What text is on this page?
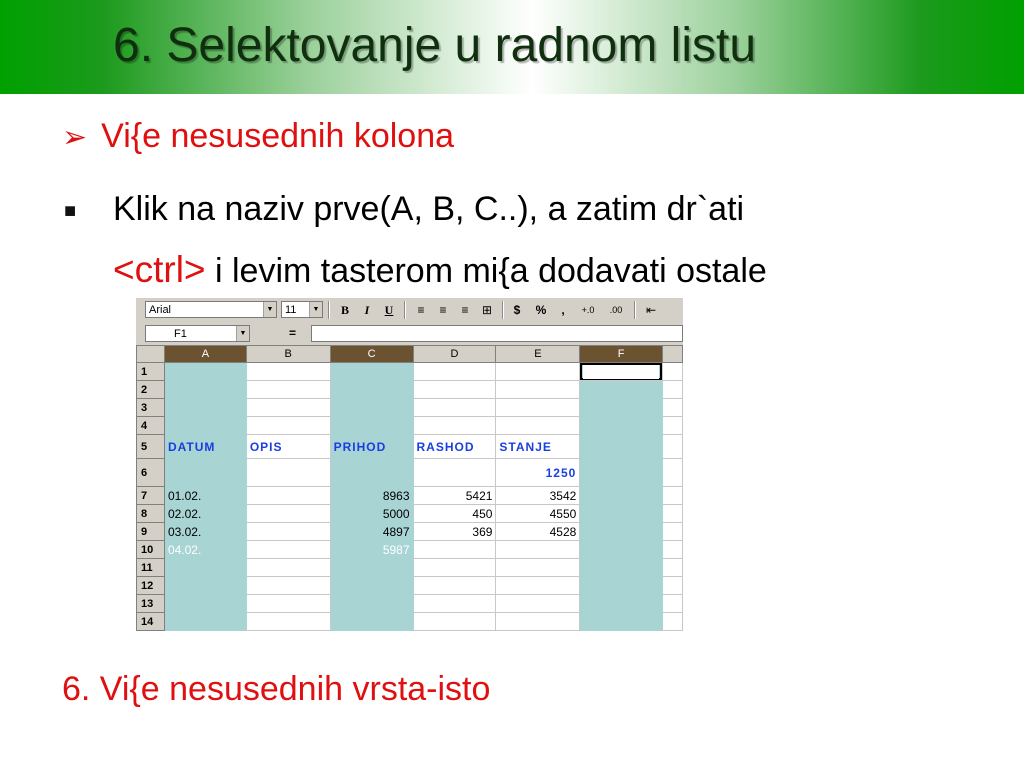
6. Selektovanje u radnom listu
➢ Vi{e nesusednih kolona
■ Klik na naziv prve(A, B, C..), a zatim dr`ati
<ctrl> i levim tasterom mi{a dodavati ostale
Arial	▼	11	▼	B	I	U	≡	≡	≡	⊞	$	%	,	+.0	.00	⇤
F1	▼	=
	A	B	C	D	E	F	
1						

2							
3							
4							
5	DATUM	OPIS	PRIHOD	RASHOD	STANJE		
6					1250		
7	01.02.		8963	5421	3542		
8	02.02.		5000	450	4550		
9	03.02.		4897	369	4528		
10	04.02.		5987				
11							
12							
13							
14							
6. Vi{e nesusednih vrsta-isto
